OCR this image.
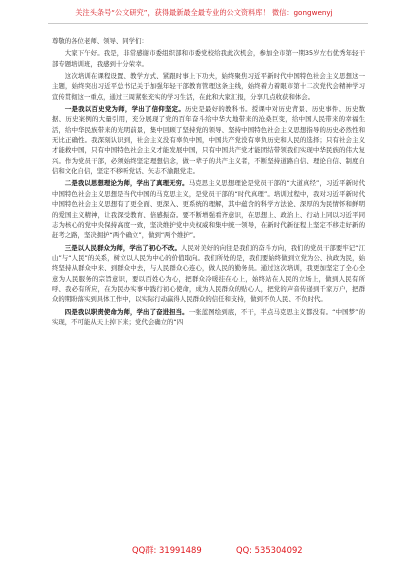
关注头条号“公文研究”，获得最新最全最专业的公文资料库！ 微信：gongwenyj

尊敬的各位老师、领导、同学们：

大家下午好。我是，非常感谢市委组织部和市委党校给我此次机会，参加全市第一期35岁左右优秀年轻干部专题培训班，我感到十分荣幸。

这次培训在课程设置、教学方式、紧跟时事上下功夫，始终聚焦习近平新时代中国特色社会主义思想这一主题，始终突出习近平总书记关于加强年轻干部教育管理这条主线，始终着力着眼市第十二次党代会精神学习宣传贯彻这一重点，通过三周紧张充实的学习生活，在此和大家汇报，分享几点收获和体会。

一是我以百史党为师，学出了信仰坚定。历史是最好的教科书。授课中对历史背景、历史事件、历史数据、历史案例的大量引用，充分展现了党的百年奋斗给中华大地带来的沧桑巨变，给中国人民带来的幸福生活，给中华民族带来的光明前景，集中回顾了坚持党的领导、坚持中国特色社会主义思想指导的历史必然性和无比正确性。我深刻认识到，社会主义没有辜负中国，中国共产党没有辜负历史和人民的选择；只有社会主义才能救中国，只有中国特色社会主义才能发展中国，只有中国共产党才能团结带领我们实现中华民族的伟大复兴。作为党员干部，必须始终坚定理想信念，做一辈子的共产主义者，不断坚持道路自信、理论自信、制度自信和文化自信，坚定不移听党话、矢志不渝跟党走。

二是我以思想理论为师，学出了真理无穷。马克思主义思想理论是党员干部的“大道真经”，习近平新时代中国特色社会主义思想是当代中国的马克思主义，是党员干部的“时代真理”。培训过程中，我对习近平新时代中国特色社会主义思想有了更全面、更深入、更系统的理解，其中蕴含的科学方法论、深厚的为民情怀和鲜明的爱国主义精神，让我深受教育、倍感振奋。要不断增强看齐意识，在思想上、政治上、行动上同以习近平同志为核心的党中央保持高度一致，坚决维护党中央权威和集中统一领导，在新时代新征程上坚定不移走好新的赶考之路，坚决拥护“两个确立”，做到“两个维护”。

三是以人民群众为师，学出了初心不改。人民对美好的向往是我们的奋斗方向，我们的党员干部要牢记“江山”与“人民”的关系，树立以人民为中心的价值取向。我们所处的是，我们要始终做到立党为公、执政为民，始终坚持从群众中来、到群众中去，与人民群众心连心，做人民的勤务员。通过这次培训，我更加坚定了全心全意为人民服务的宗旨意识，要以百姓心为心，把群众冷暖挂在心上，始终站在人民的立场上，做到人民有所呼、我必有所应，在为民办实事中践行初心使命，成为人民群众的贴心人，把党的声音传递到千家万户，把群众的期盼落实到具体工作中，以实际行动赢得人民群众的信任和支持，做到不负人民、不负时代。

四是我以职责使命为师，学出了奋进担当。一张蓝图绘到底，不干，半点马克思主义都没有。“中国梦”的实现，不可能从天上掉下来；党代会确立的“四

QQ群: 31991489	QQ: 535304092
